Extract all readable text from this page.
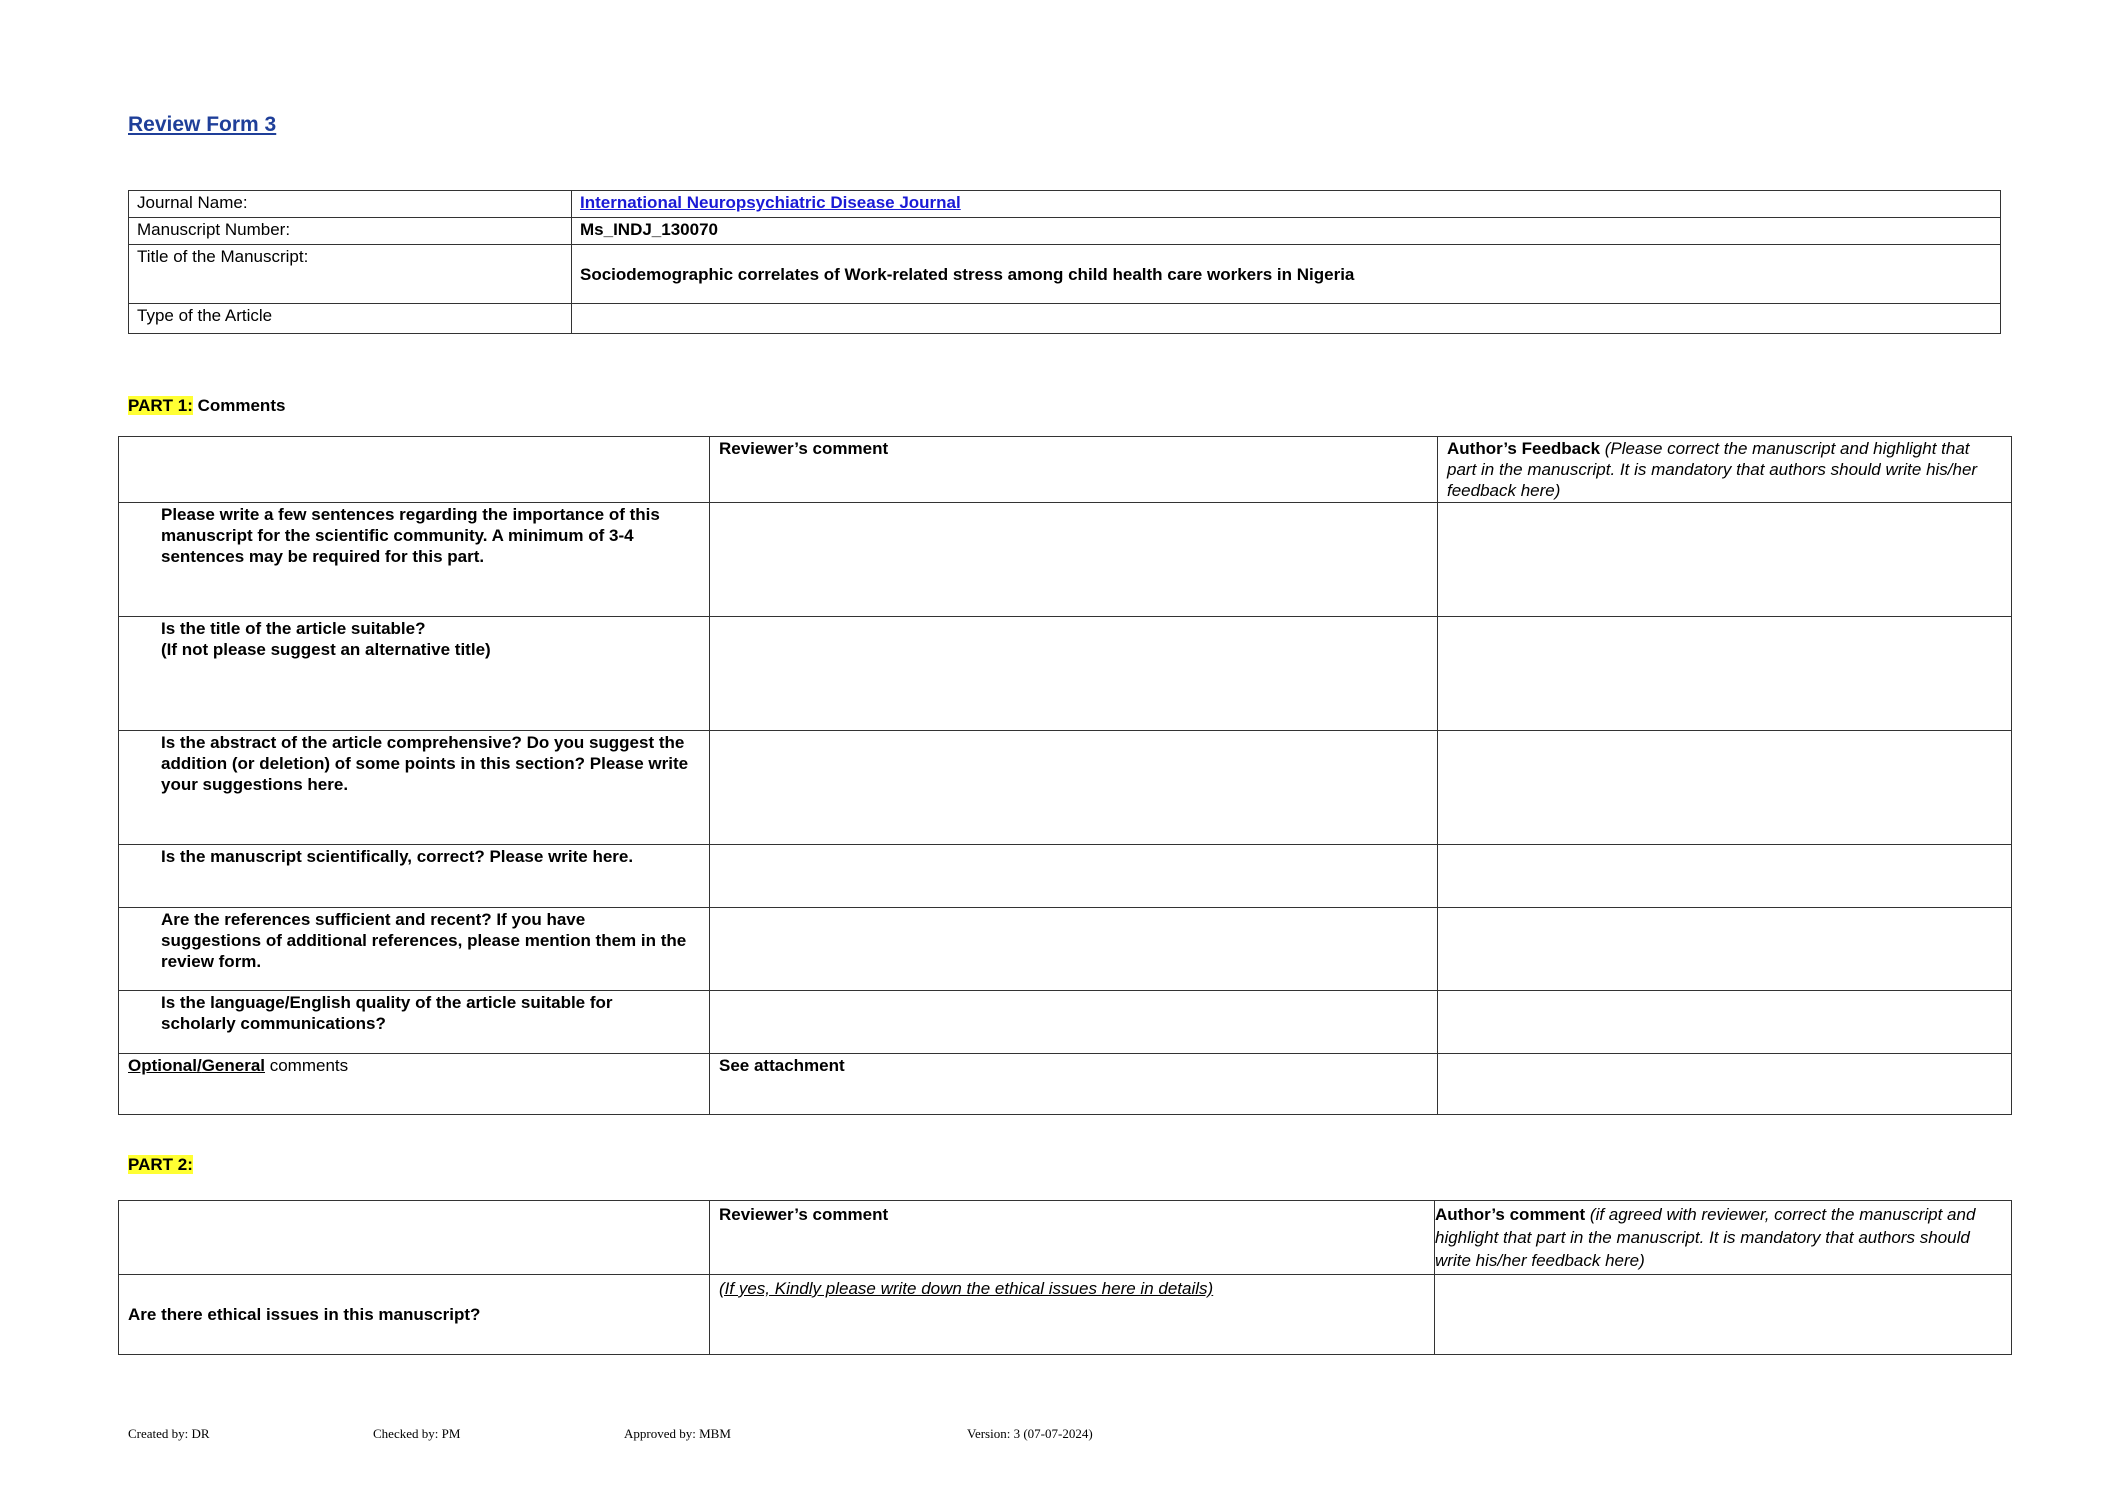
Review Form 3
Journal Name:	International Neuropsychiatric Disease Journal
Manuscript Number:	Ms_INDJ_130070
Title of the Manuscript:	Sociodemographic correlates of Work-related stress among child health care workers in Nigeria
Type of the Article	
PART 1: Comments
	Reviewer’s comment	Author’s Feedback (Please correct the manuscript and highlight that part in the manuscript. It is mandatory that authors should write his/her feedback here)
Please write a few sentences regarding the importance of this manuscript for the scientific community. A minimum of 3-4 sentences may be required for this part.		

Is the title of the article suitable?
(If not please suggest an alternative title)		

Is the abstract of the article comprehensive? Do you suggest the addition (or deletion) of some points in this section? Please write your suggestions here.		
Is the manuscript scientifically, correct? Please write here.		
Are the references sufficient and recent? If you have suggestions of additional references, please mention them in the review form.		
Is the language/English quality of the article suitable for scholarly communications?		
Optional/General comments	See attachment	
PART 2:
	Reviewer’s comment	Author’s comment (if agreed with reviewer, correct the manuscript and highlight that part in the manuscript. It is mandatory that authors should write his/her feedback here)
Are there ethical issues in this manuscript?	(If yes, Kindly please write down the ethical issues here in details)	
Created by: DR	Checked by: PM	Approved by: MBM	Version: 3 (07-07-2024)
